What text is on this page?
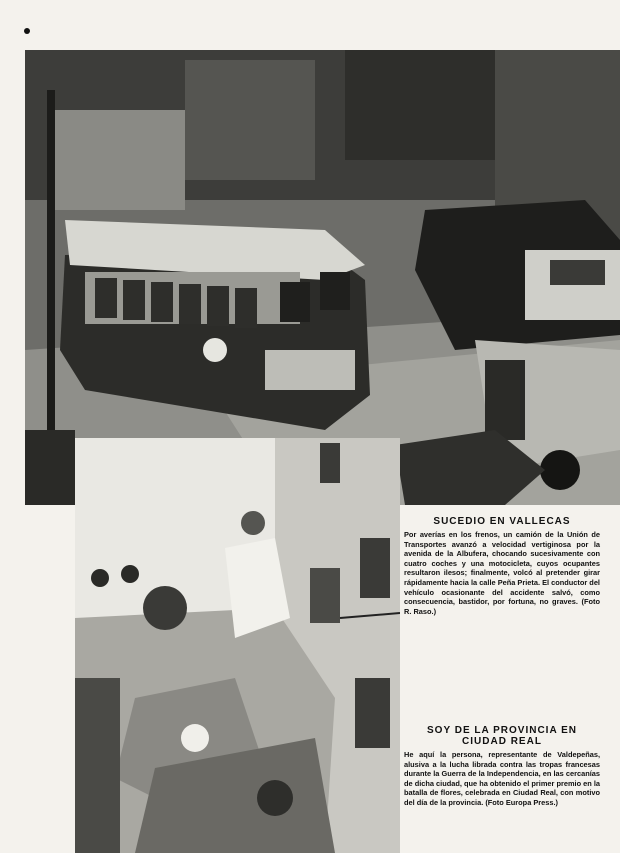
SUCEDIO EN VALLECAS
Por averías en los frenos, un camión de la Unión de Transportes avanzó a velocidad vertiginosa por la avenida de la Albufera, chocando sucesivamente con cuatro coches y una motocicleta, cuyos ocupantes resultaron ilesos; finalmente, volcó al pretender girar rápidamente hacia la calle Peña Prieta. El conductor del vehículo ocasionante del accidente salvó, como consecuencia, bastidor, por fortuna, no graves. (Foto R. Raso.)
SOY DE LA PROVINCIA EN CIUDAD REAL
He aquí la persona, representante de Valdepeñas, alusiva a la lucha librada contra las tropas francesas durante la Guerra de la Independencia, en las cercanías de dicha ciudad, que ha obtenido el primer premio en la batalla de flores, celebrada en Ciudad Real, con motivo del día de la provincia. (Foto Europa Press.)
